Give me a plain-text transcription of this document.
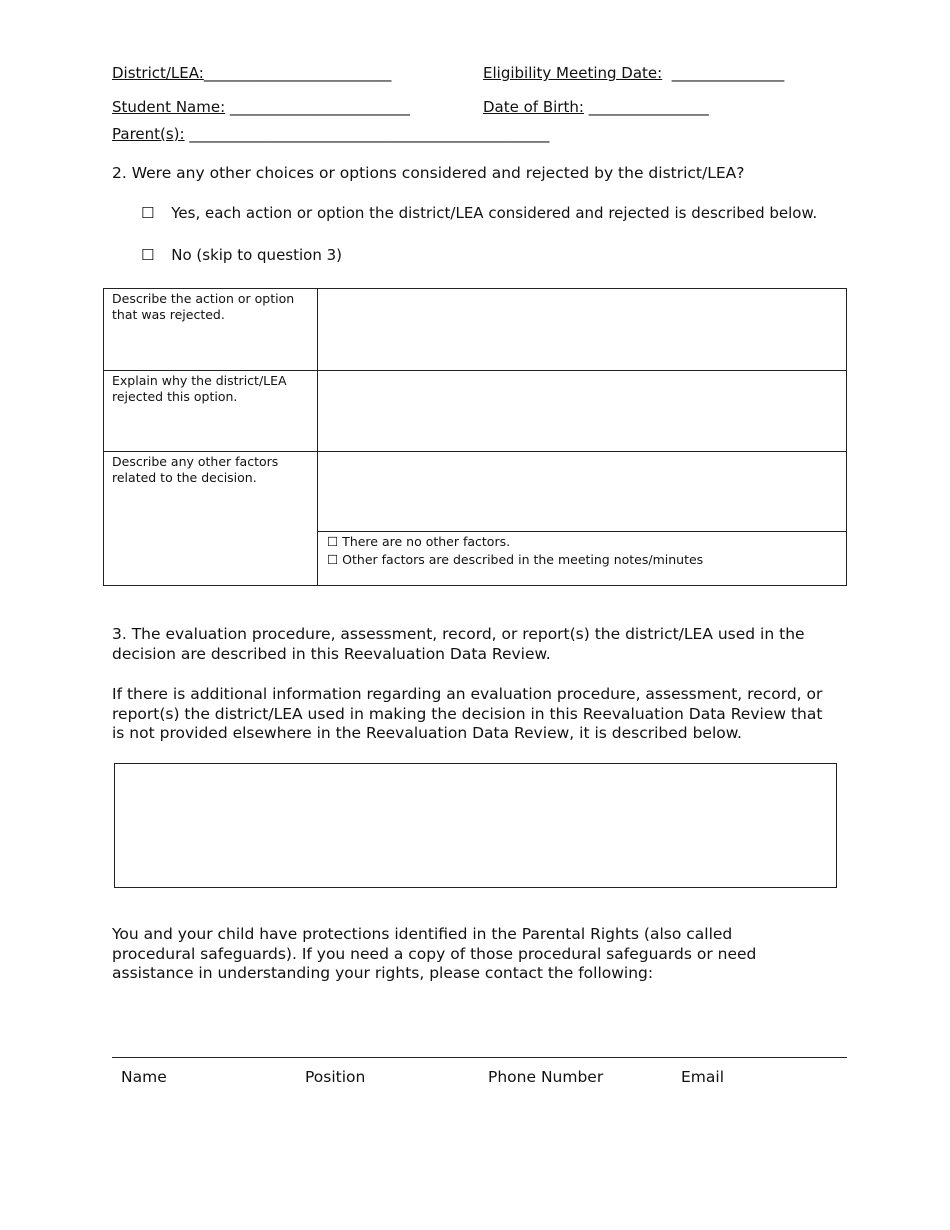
District/LEA:_________________________	Eligibility Meeting Date: _______________
Student Name: ________________________	Date of Birth: ________________
Parent(s): ________________________________________________
2. Were any other choices or options considered and rejected by the district/LEA?
☐ Yes, each action or option the district/LEA considered and rejected is described below.
☐ No (skip to question 3)
Describe the action or option that was rejected.	
Explain why the district/LEA rejected this option.	
Describe any other factors related to the decision.	☐ There are no other factors.
☐ Other factors are described in the meeting notes/minutes
3. The evaluation procedure, assessment, record, or report(s) the district/LEA used in the decision are described in this Reevaluation Data Review.
If there is additional information regarding an evaluation procedure, assessment, record, or report(s) the district/LEA used in making the decision in this Reevaluation Data Review that is not provided elsewhere in the Reevaluation Data Review, it is described below.
You and your child have protections identified in the Parental Rights (also called procedural safeguards). If you need a copy of those procedural safeguards or need assistance in understanding your rights, please contact the following:
Name	Position	Phone Number	Email
